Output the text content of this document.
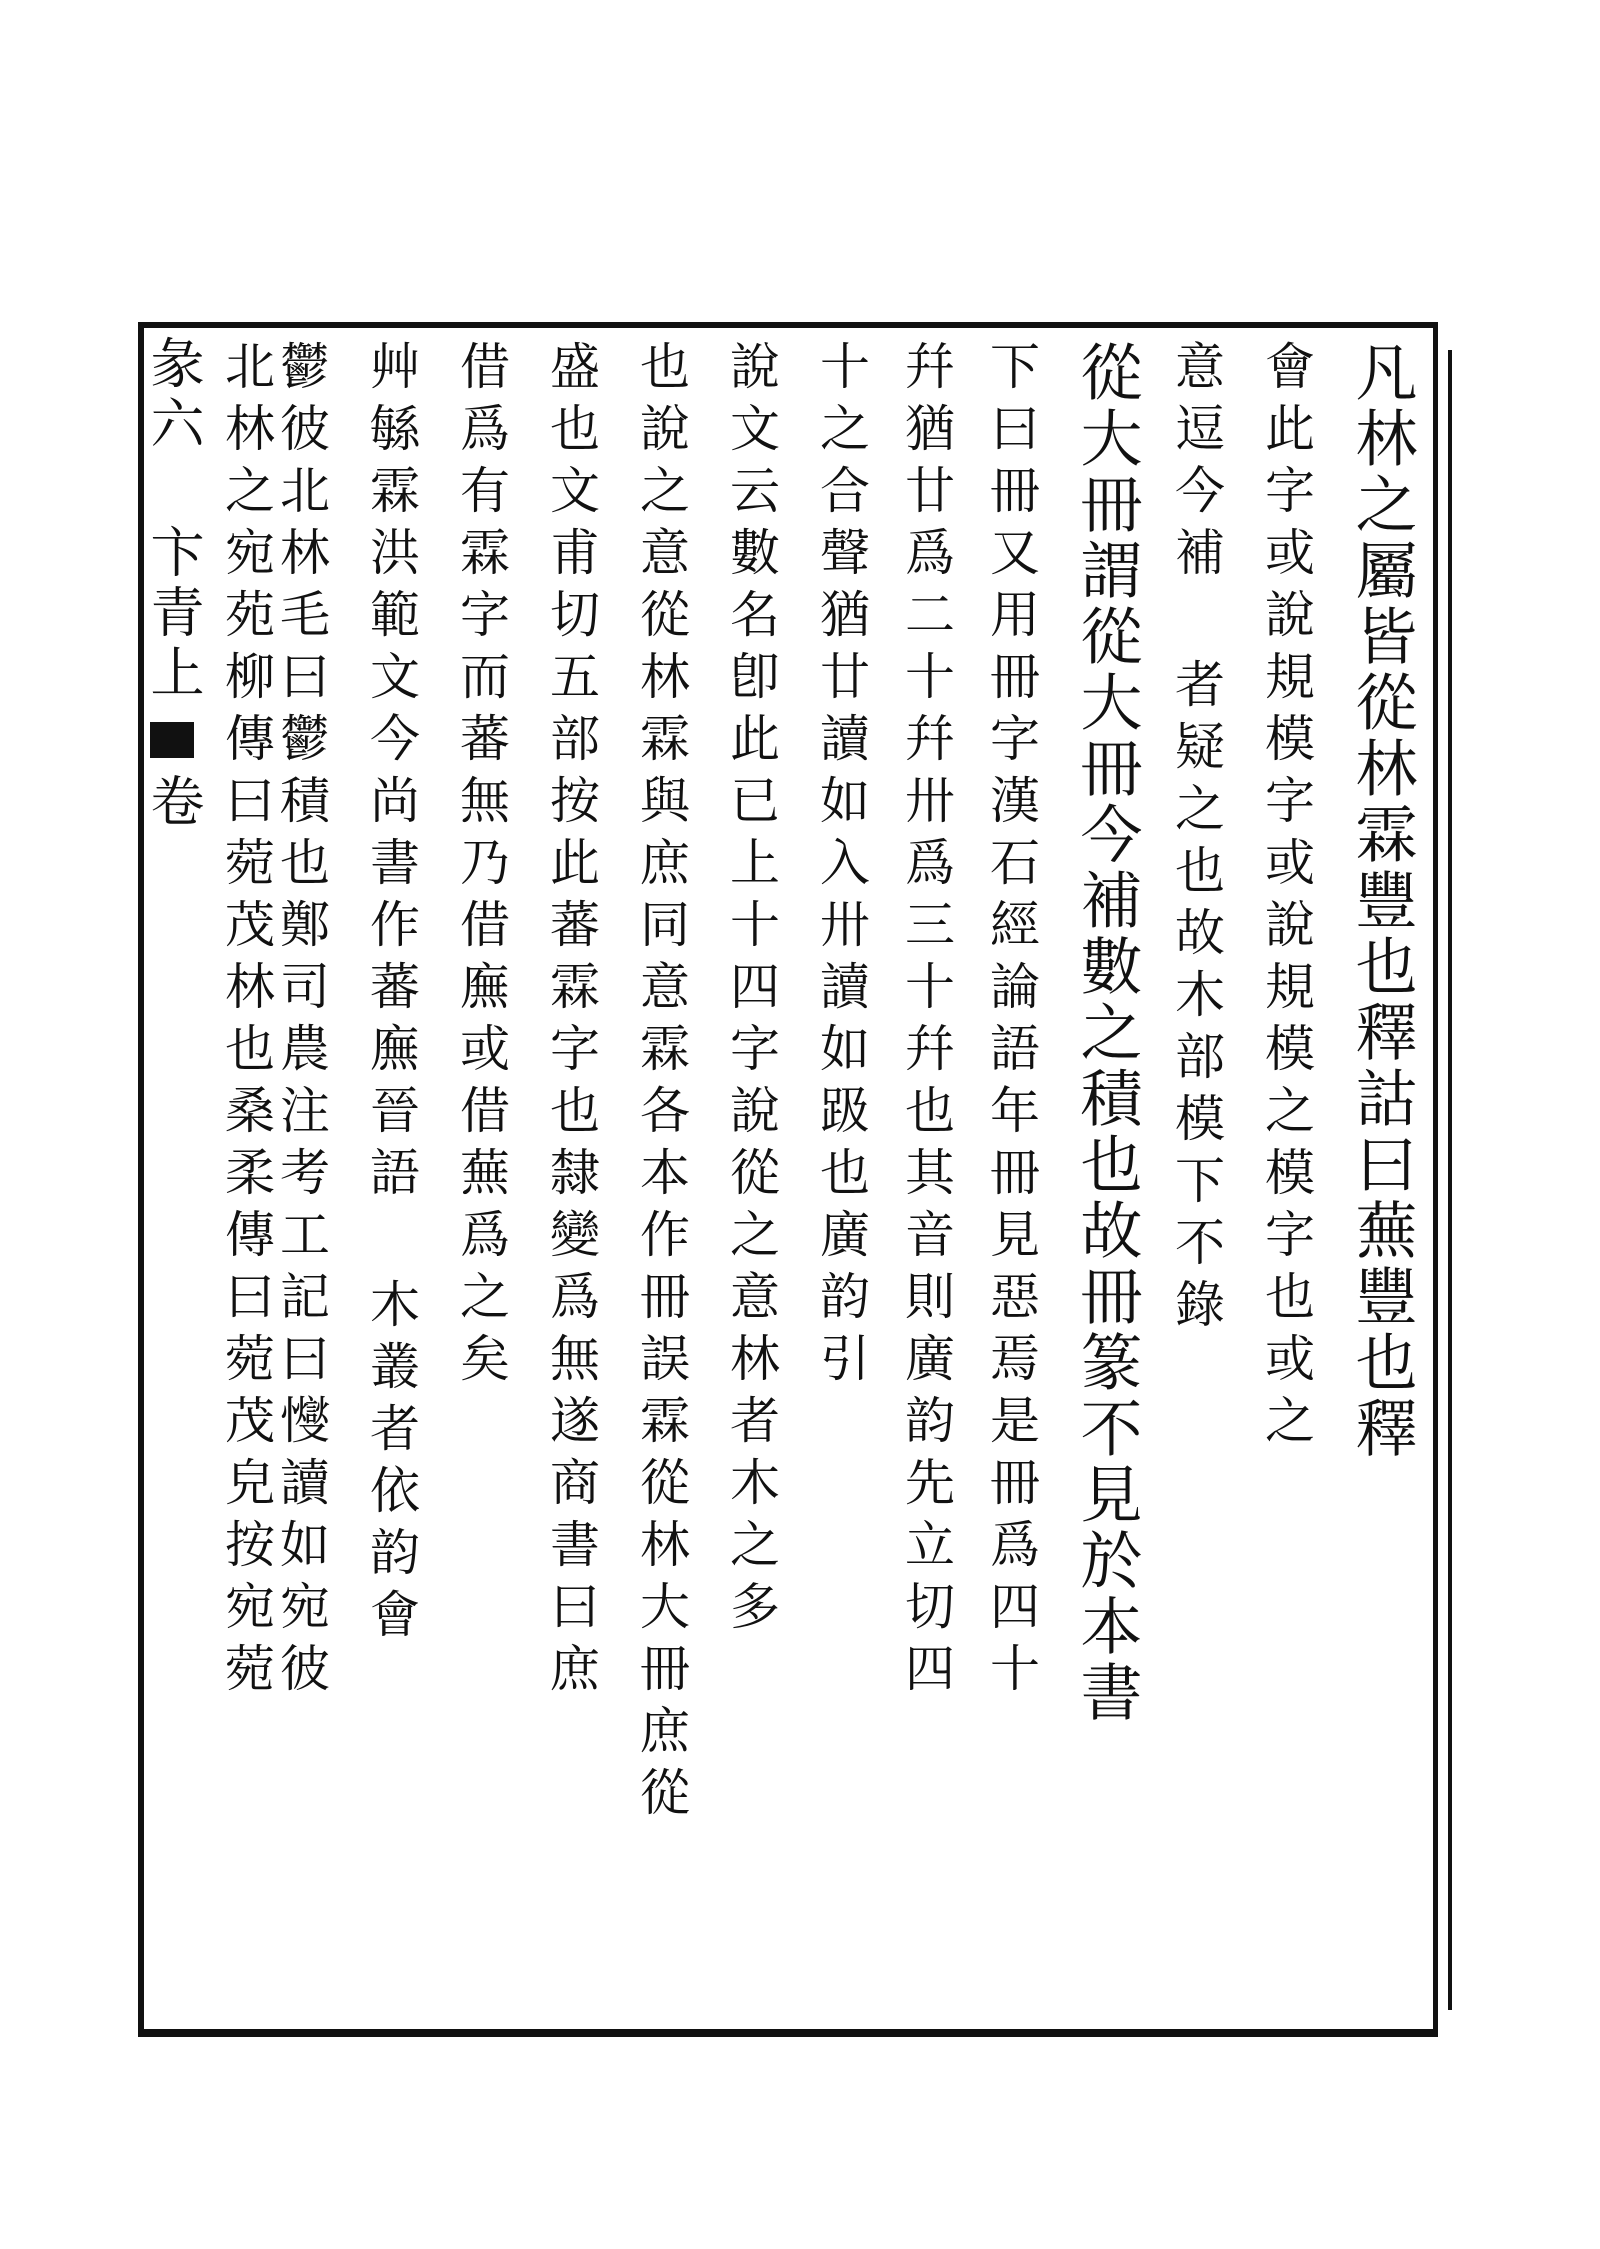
彖六 卞青上 卷	凡林之屬皆從林霖豐也釋詁曰蕪豐也釋
會此字或說規模字或說規模之模字也或之
意逗今補 者疑之也故木部模下不錄
從大冊謂從大冊今補數之積也故冊篆不見於本書
下曰冊又用冊字漢石經論語年冊見惡焉是冊爲四十
幷猶廿爲二十幷卅爲三十幷也其音則廣韵先立切四
十之合聲猶廿讀如入卅讀如趿也廣韵引
說文云數名卽此已上十四字說從之意林者木之多
也說之意從林霖與庶同意霖各本作冊誤霖從林大冊庶從
盛也文甫切五部按此蕃霖字也隸變爲無遂商書曰庶
借爲有霖字而蕃無乃借廡或借蕪爲之矣
艸緐霖洪範文今尚書作蕃廡晉語 木叢者依韵會
鬱彼北林毛曰鬱積也鄭司農注考工記曰㦪讀如宛彼
北林之宛苑柳傳曰菀茂林也桑柔傳曰菀茂皃按宛菀
